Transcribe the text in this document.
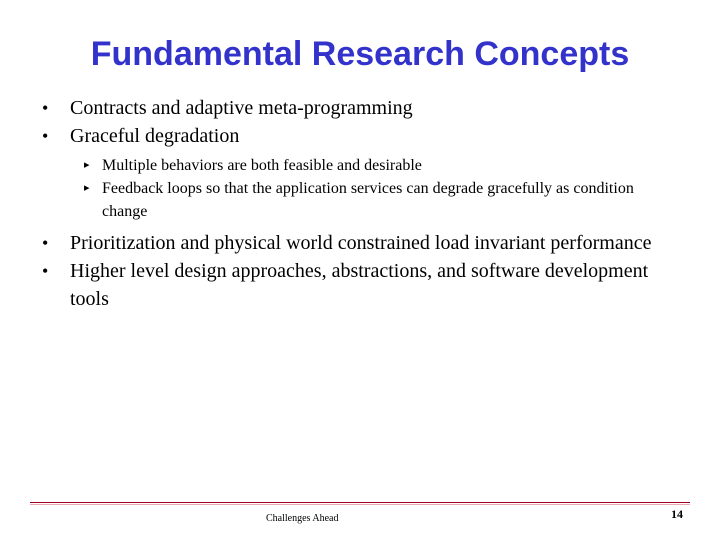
Fundamental Research Concepts
•	Contracts and adaptive meta-programming
•	Graceful degradation
▸ Multiple behaviors are both feasible and desirable
▸ Feedback loops so that the application services can degrade gracefully as condition change
•	Prioritization and physical world constrained load invariant performance
•	Higher level design approaches, abstractions, and software development tools
Challenges Ahead	14
